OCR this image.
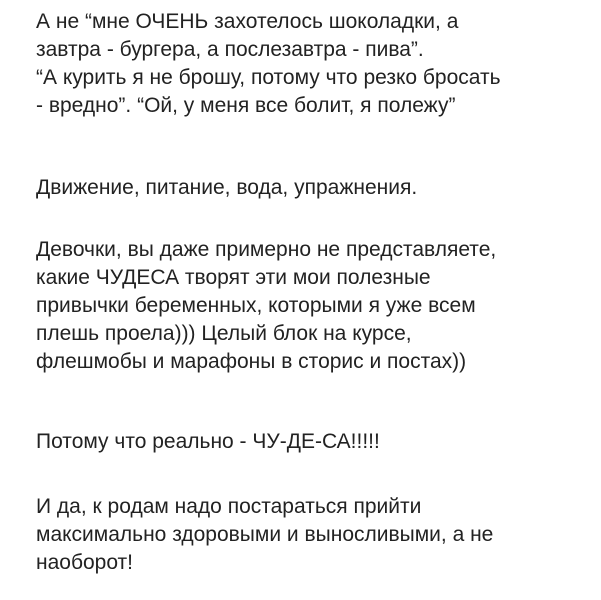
А не “мне ОЧЕНЬ захотелось шоколадки, а
завтра - бургера, а послезавтра - пива”.
“А курить я не брошу, потому что резко бросать
- вредно”. “Ой, у меня все болит, я полежу”
Движение, питание, вода, упражнения.
Девочки, вы даже примерно не представляете,
какие ЧУДЕСА творят эти мои полезные
привычки беременных, которыми я уже всем
плешь проела))) Целый блок на курсе,
флешмобы и марафоны в сторис и постах))
Потому что реально - ЧУ-ДЕ-СА!!!!!
И да, к родам надо постараться прийти
максимально здоровыми и выносливыми, а не
наоборот!
